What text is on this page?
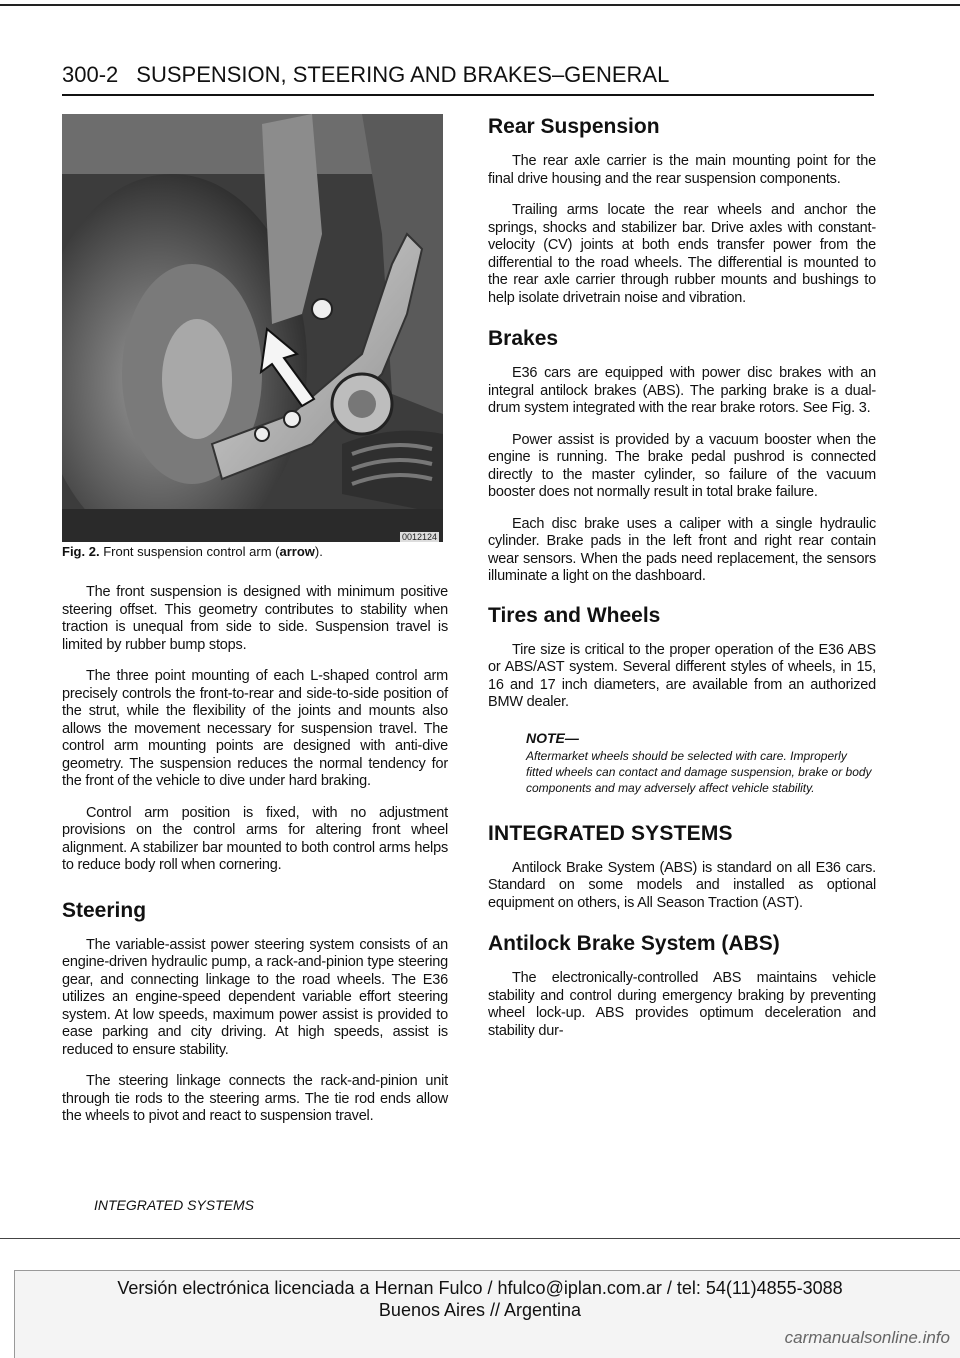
300-2 SUSPENSION, STEERING AND BRAKES–GENERAL
0012124
Fig. 2. Front suspension control arm (arrow).

The front suspension is designed with minimum positive steering offset. This geometry contributes to stability when traction is unequal from side to side. Suspension travel is limited by rubber bump stops.

The three point mounting of each L-shaped control arm precisely controls the front-to-rear and side-to-side position of the strut, while the flexibility of the joints and mounts also allows the movement necessary for suspension travel. The control arm mounting points are designed with anti-dive geometry. The suspension reduces the normal tendency for the front of the vehicle to dive under hard braking.

Control arm position is fixed, with no adjustment provisions on the control arms for altering front wheel alignment. A stabilizer bar mounted to both control arms helps to reduce body roll when cornering.

Steering

The variable-assist power steering system consists of an engine-driven hydraulic pump, a rack-and-pinion type steering gear, and connecting linkage to the road wheels. The E36 utilizes an engine-speed dependent variable effort steering system. At low speeds, maximum power assist is provided to ease parking and city driving. At high speeds, assist is reduced to ensure stability.

The steering linkage connects the rack-and-pinion unit through tie rods to the steering arms. The tie rod ends allow the wheels to pivot and react to suspension travel.

Rear Suspension

The rear axle carrier is the main mounting point for the final drive housing and the rear suspension components.

Trailing arms locate the rear wheels and anchor the springs, shocks and stabilizer bar. Drive axles with constant-velocity (CV) joints at both ends transfer power from the differential to the road wheels. The differential is mounted to the rear axle carrier through rubber mounts and bushings to help isolate drivetrain noise and vibration.

Brakes

E36 cars are equipped with power disc brakes with an integral antilock brakes (ABS). The parking brake is a dual-drum system integrated with the rear brake rotors. See Fig. 3.

Power assist is provided by a vacuum booster when the engine is running. The brake pedal pushrod is connected directly to the master cylinder, so failure of the vacuum booster does not normally result in total brake failure.

Each disc brake uses a caliper with a single hydraulic cylinder. Brake pads in the left front and right rear contain wear sensors. When the pads need replacement, the sensors illuminate a light on the dashboard.

Tires and Wheels

Tire size is critical to the proper operation of the E36 ABS or ABS/AST system. Several different styles of wheels, in 15, 16 and 17 inch diameters, are available from an authorized BMW dealer.

NOTE—

Aftermarket wheels should be selected with care. Improperly fitted wheels can contact and damage suspension, brake or body components and may adversely affect vehicle stability.

INTEGRATED SYSTEMS

Antilock Brake System (ABS) is standard on all E36 cars. Standard on some models and installed as optional equipment on others, is All Season Traction (AST).

Antilock Brake System (ABS)

The electronically-controlled ABS maintains vehicle stability and control during emergency braking by preventing wheel lock-up. ABS provides optimum deceleration and stability dur-

INTEGRATED SYSTEMS
Versión electrónica licenciada a Hernan Fulco / hfulco@iplan.com.ar / tel: 54(11)4855-3088
Buenos Aires // Argentina
carmanualsonline.info
